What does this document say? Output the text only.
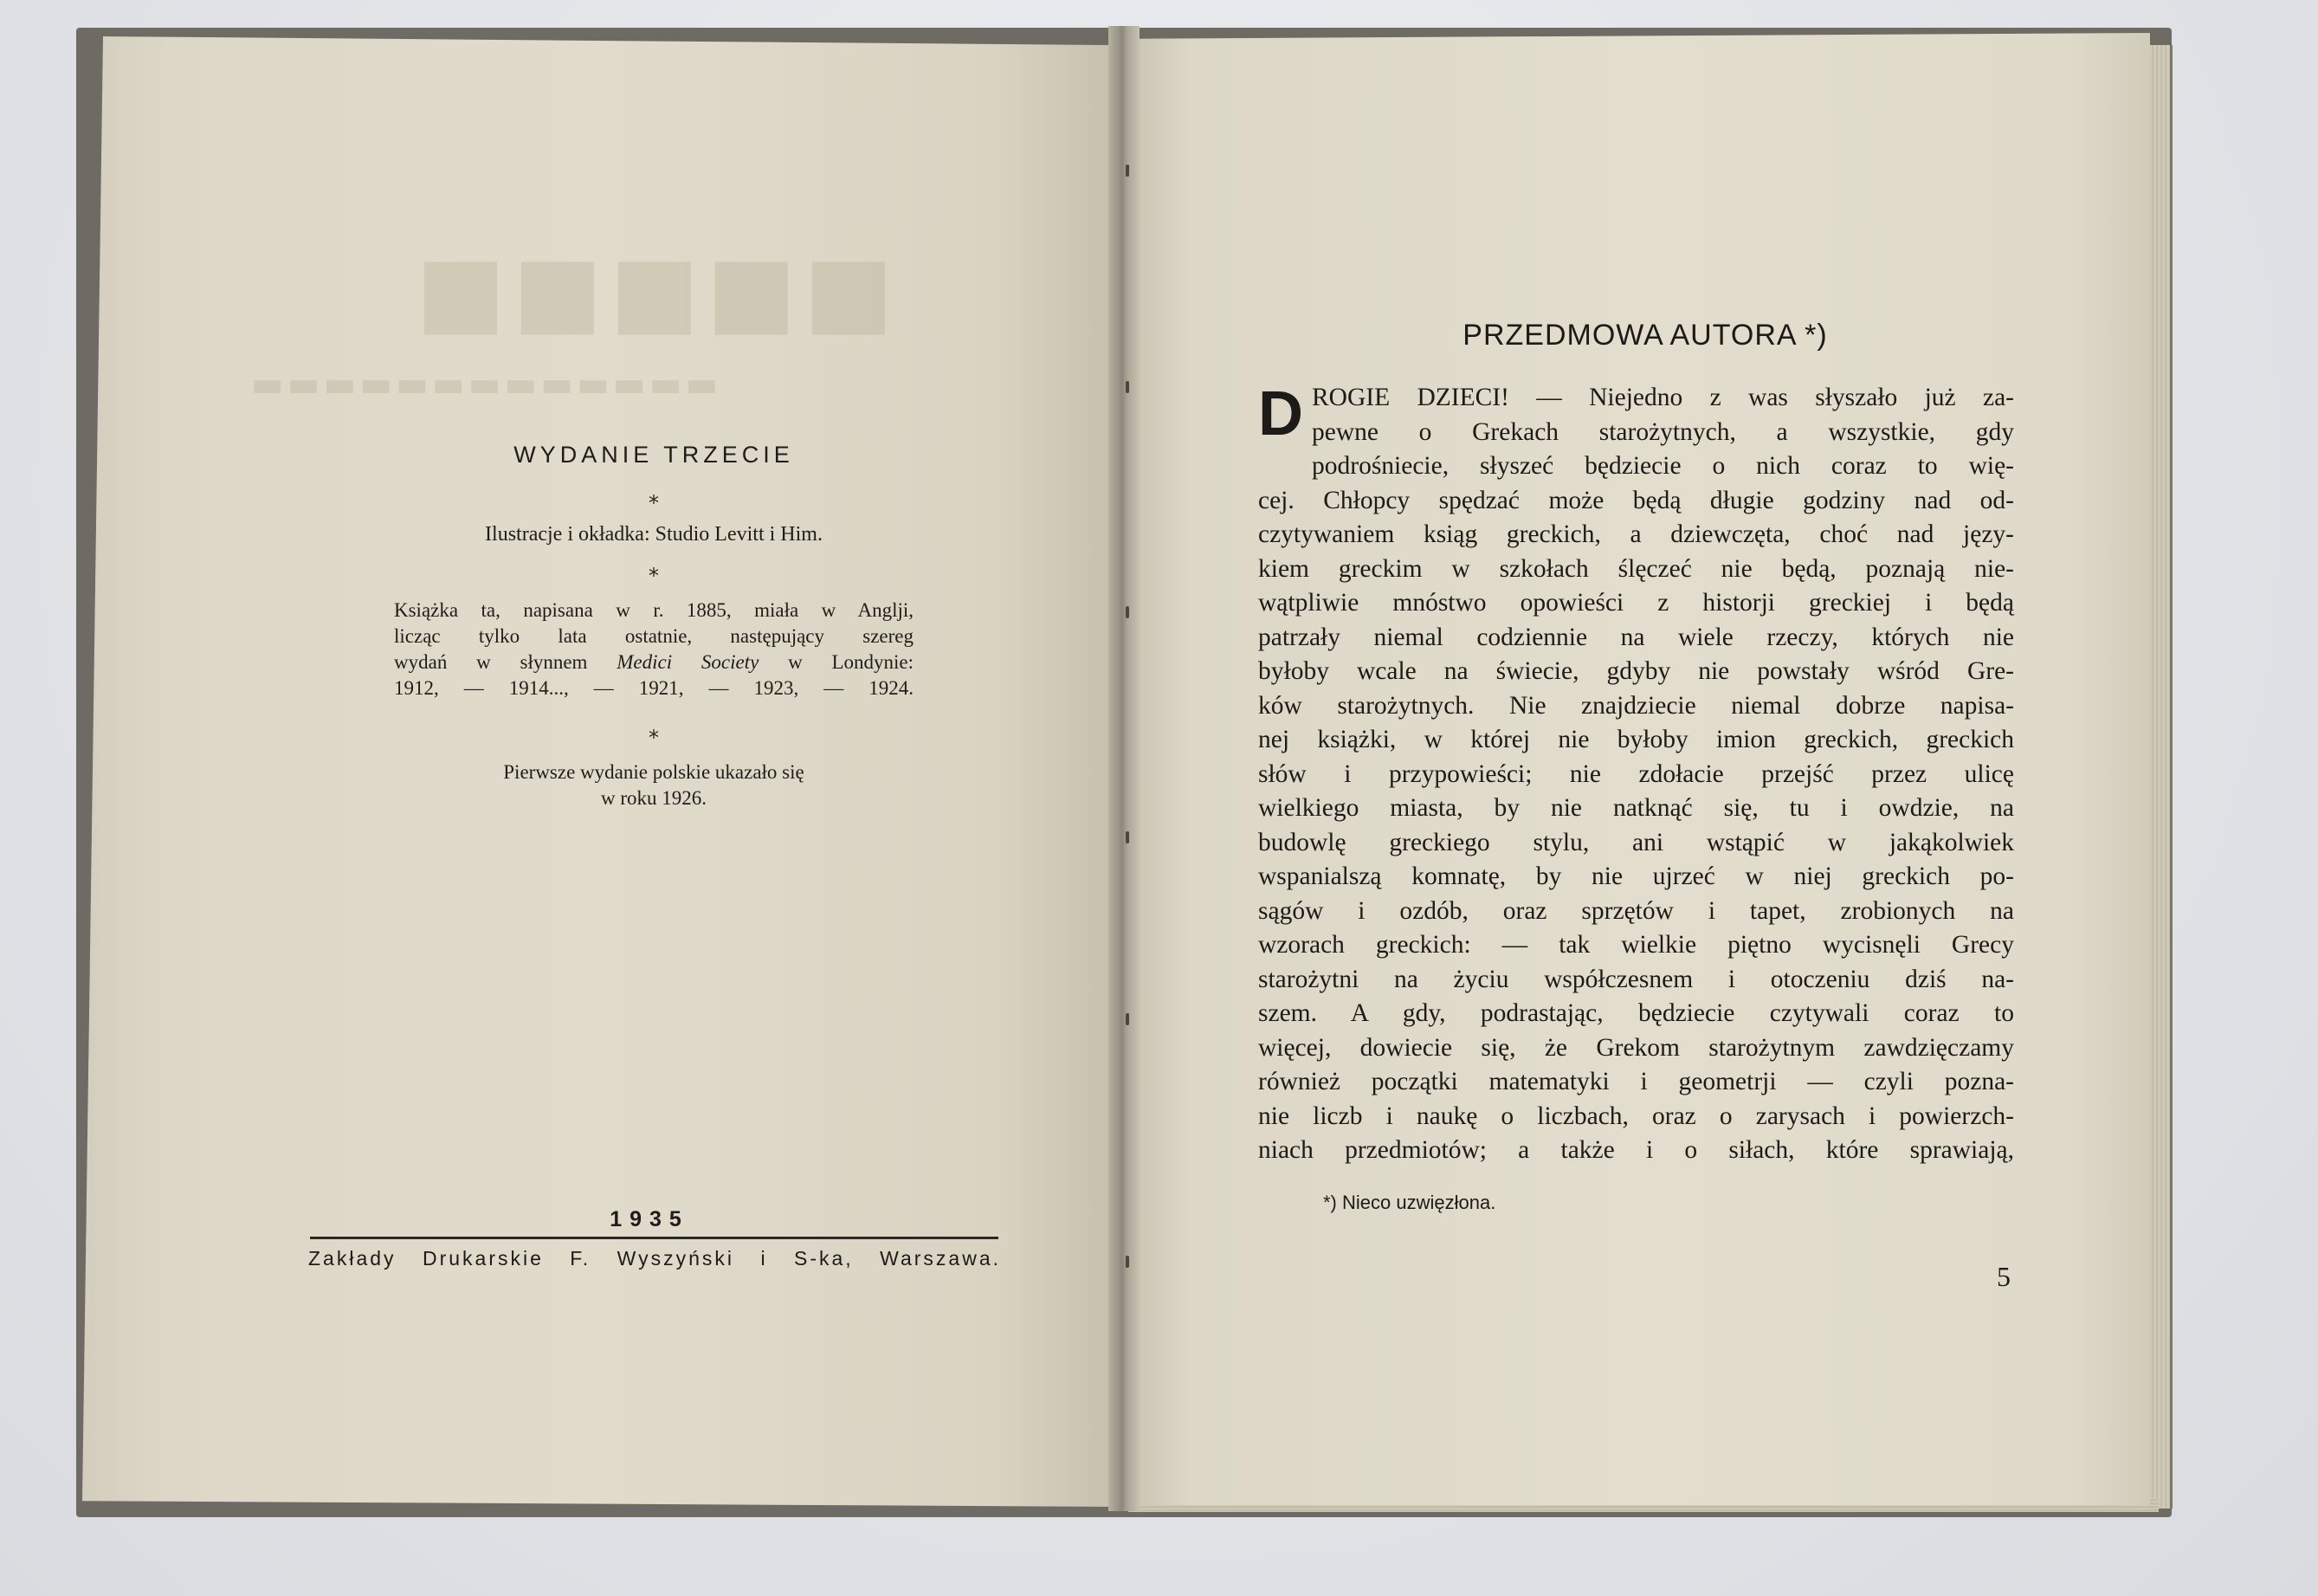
■■■■■
▬▬▬▬▬▬▬▬▬▬▬▬▬
WYDANIE TRZECIE
*
Ilustracje i okładka: Studio Levitt i Him.
*
Książka ta, napisana w r. 1885, miała w Anglji,
licząc tylko lata ostatnie, następujący szereg
wydań w słynnem Medici Society w Londynie:
1912, — 1914..., — 1921, — 1923, — 1924.
*
Pierwsze wydanie polskie ukazało się
w roku 1926.
1935
Zakłady Drukarskie F. Wyszyński i S-ka, Warszawa.
PRZEDMOWA AUTORA *)
D ROGIE DZIECI! — Niejedno z was słyszało już za-
pewne o Grekach starożytnych, a wszystkie, gdy
podrośniecie, słyszeć będziecie o nich coraz to wię-
cej. Chłopcy spędzać może będą długie godziny nad od-
czytywaniem ksiąg greckich, a dziewczęta, choć nad języ-
kiem greckim w szkołach ślęczeć nie będą, poznają nie-
wątpliwie mnóstwo opowieści z historji greckiej i będą
patrzały niemal codziennie na wiele rzeczy, których nie
byłoby wcale na świecie, gdyby nie powstały wśród Gre-
ków starożytnych. Nie znajdziecie niemal dobrze napisa-
nej książki, w której nie byłoby imion greckich, greckich
słów i przypowieści; nie zdołacie przejść przez ulicę
wielkiego miasta, by nie natknąć się, tu i owdzie, na
budowlę greckiego stylu, ani wstąpić w jakąkolwiek
wspanialszą komnatę, by nie ujrzeć w niej greckich po-
sągów i ozdób, oraz sprzętów i tapet, zrobionych na
wzorach greckich: — tak wielkie piętno wycisnęli Grecy
starożytni na życiu współczesnem i otoczeniu dziś na-
szem. A gdy, podrastając, będziecie czytywali coraz to
więcej, dowiecie się, że Grekom starożytnym zawdzięczamy
również początki matematyki i geometrji — czyli pozna-
nie liczb i naukę o liczbach, oraz o zarysach i powierzch-
niach przedmiotów; a także i o siłach, które sprawiają,
*) Nieco uzwięzłona.
5
